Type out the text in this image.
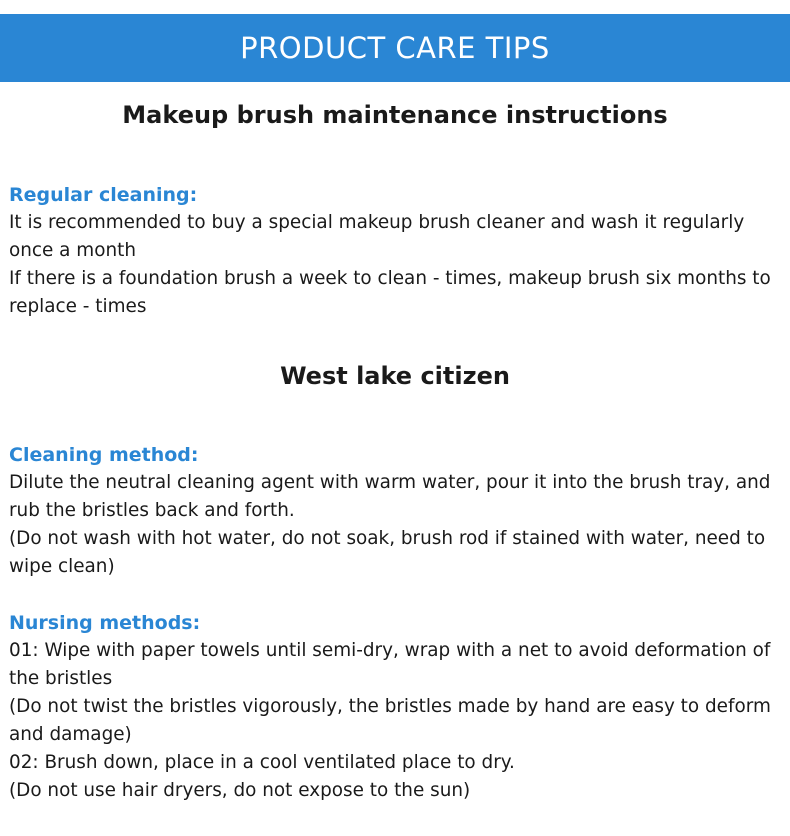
PRODUCT CARE TIPS
Makeup brush maintenance instructions

Regular cleaning:

It is recommended to buy a special makeup brush cleaner and wash it regularly once a month

If there is a foundation brush a week to clean - times, makeup brush six months to replace - times

West lake citizen

Cleaning method:

Dilute the neutral cleaning agent with warm water, pour it into the brush tray, and rub the bristles back and forth.

(Do not wash with hot water, do not soak, brush rod if stained with water, need to wipe clean)

Nursing methods:

01: Wipe with paper towels until semi-dry, wrap with a net to avoid deformation of the bristles

(Do not twist the bristles vigorously, the bristles made by hand are easy to deform and damage)

02: Brush down, place in a cool ventilated place to dry.

(Do not use hair dryers, do not expose to the sun)
